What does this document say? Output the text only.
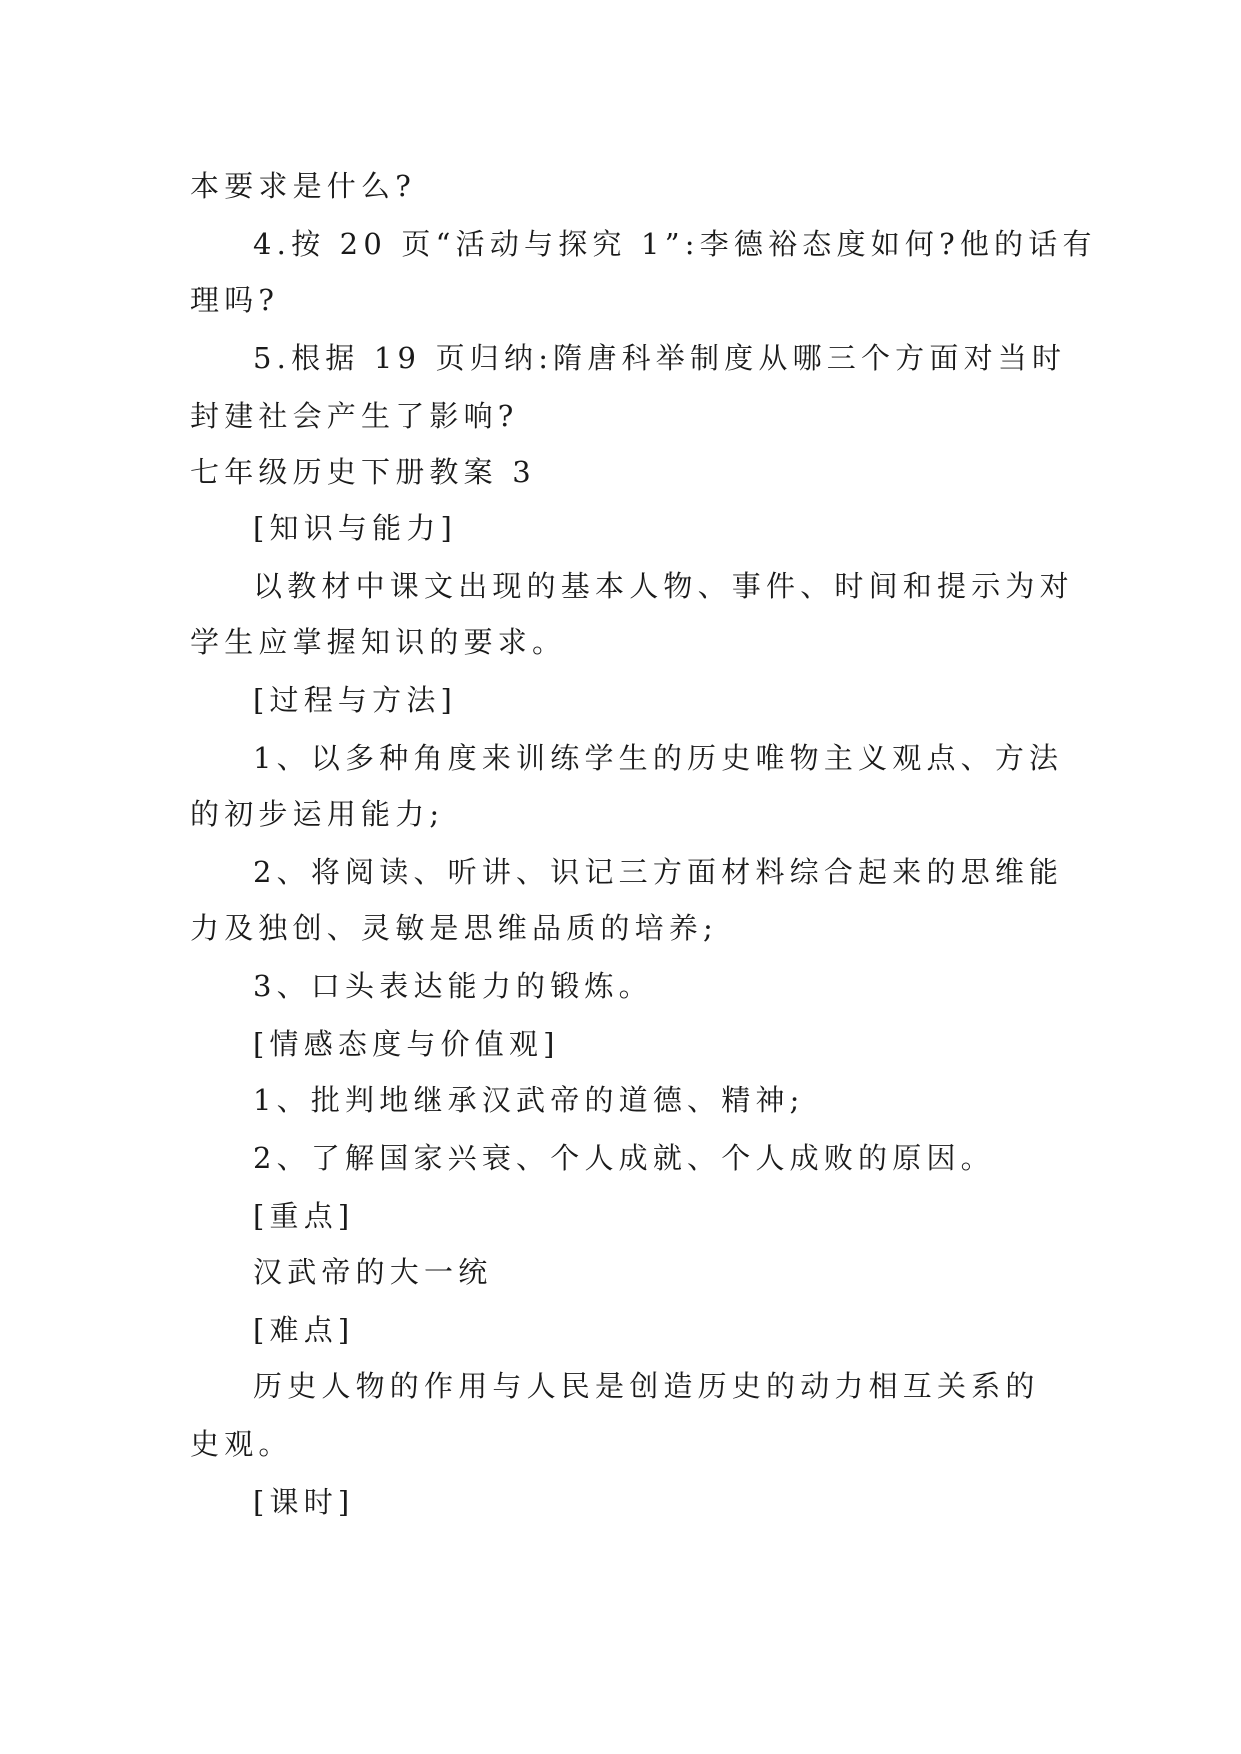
本要求是什么?
4.按 20 页“活动与探究 1”:李德裕态度如何?他的话有
理吗?
5.根据 19 页归纳:隋唐科举制度从哪三个方面对当时
封建社会产生了影响?
七年级历史下册教案 3
[知识与能力]
以教材中课文出现的基本人物、事件、时间和提示为对
学生应掌握知识的要求。
[过程与方法]
1、以多种角度来训练学生的历史唯物主义观点、方法
的初步运用能力;
2、将阅读、听讲、识记三方面材料综合起来的思维能
力及独创、灵敏是思维品质的培养;
3、口头表达能力的锻炼。
[情感态度与价值观]
1、批判地继承汉武帝的道德、精神;
2、了解国家兴衰、个人成就、个人成败的原因。
[重点]
汉武帝的大一统
[难点]
历史人物的作用与人民是创造历史的动力相互关系的
史观。
[课时]
